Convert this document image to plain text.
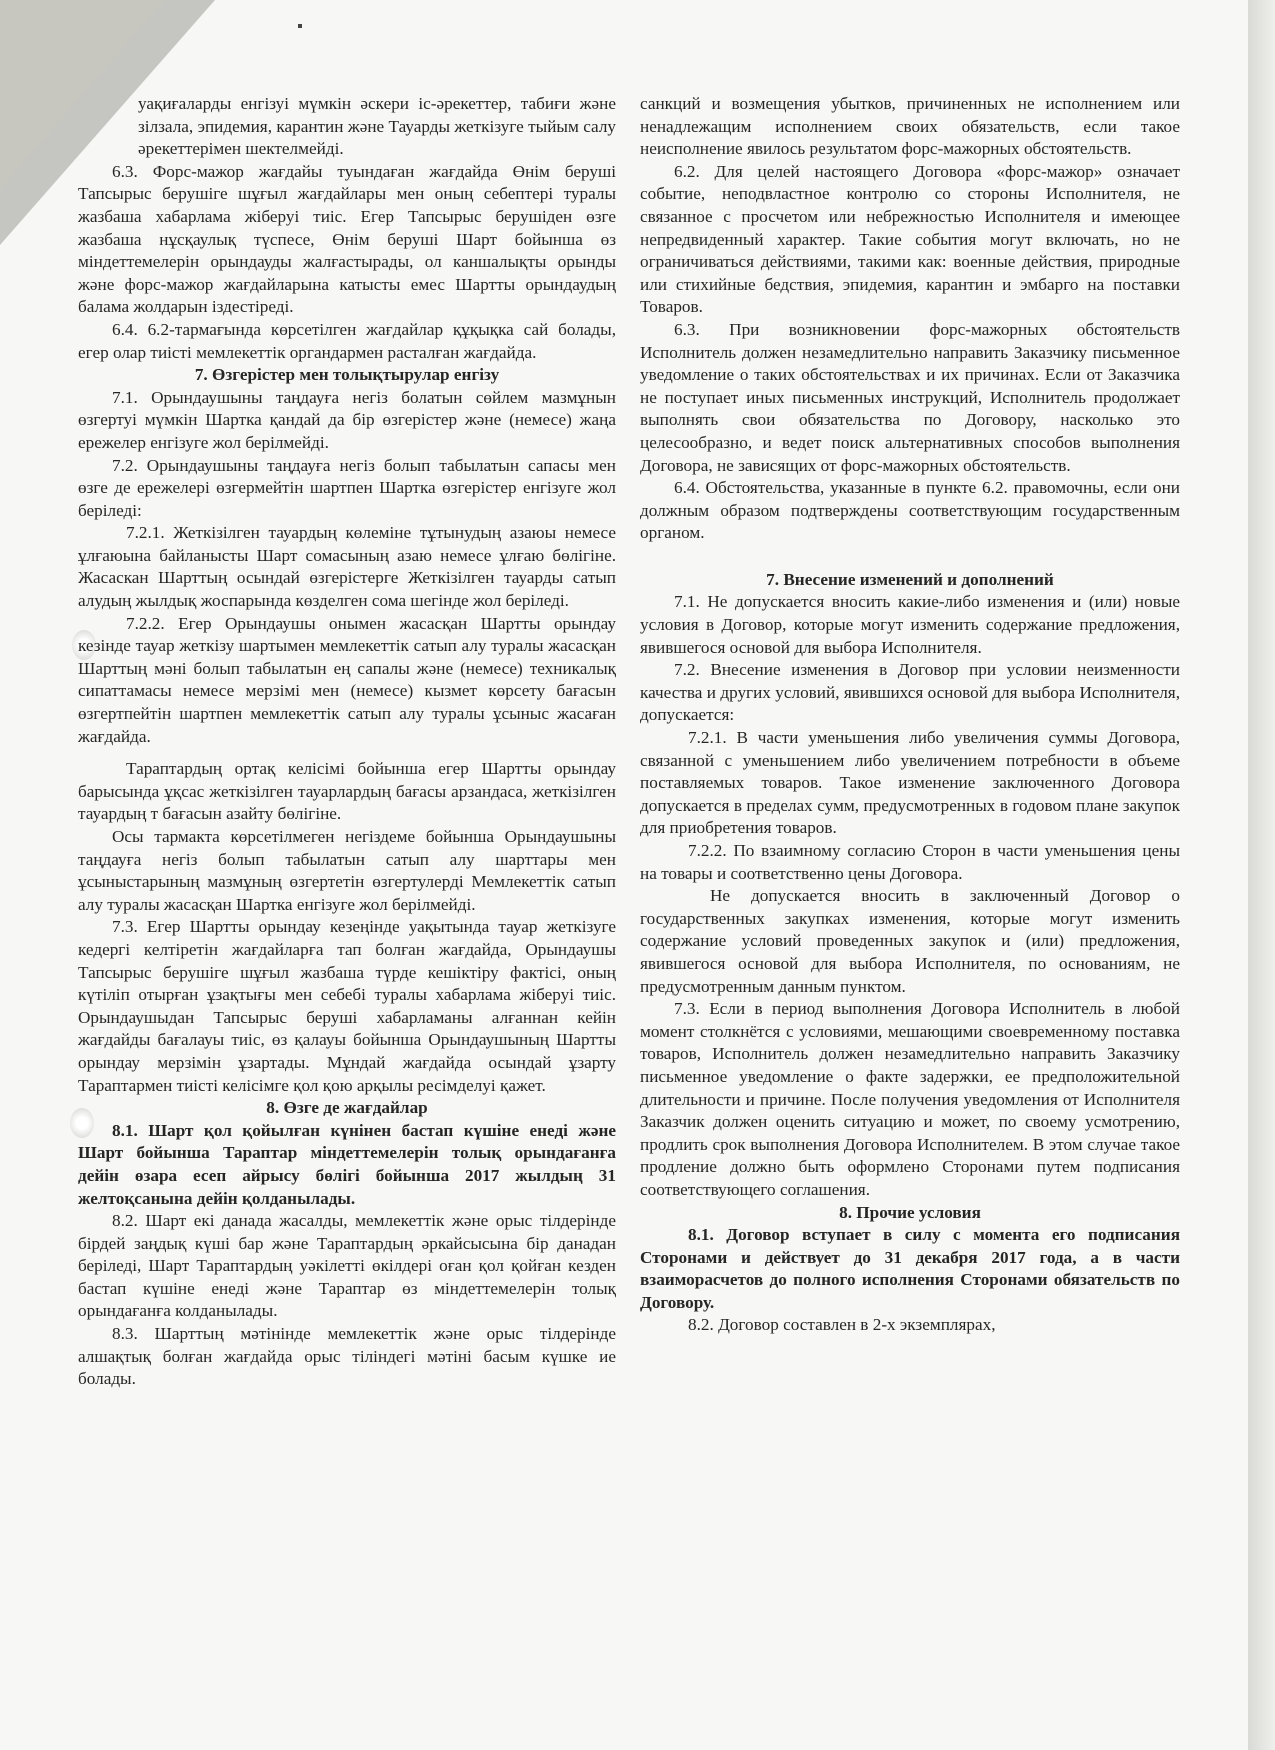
уақиғаларды енгізуі мүмкін әскери іс-әрекеттер, табиғи және зілзала, эпидемия, карантин және Тауарды жеткізуге тыйым салу әрекеттерімен шектелмейді.

6.3. Форс-мажор жағдайы туындаған жағдайда Өнім беруші Тапсырыс берушіге шұғыл жағдайлары мен оның себептері туралы жазбаша хабарлама жіберуі тиіс. Егер Тапсырыс берушіден өзге жазбаша нұсқаулық түспесе, Өнім беруші Шарт бойынша өз міндеттемелерін орындауды жалғастырады, ол каншалықты орынды және форс-мажор жағдайларына катысты емес Шартты орындаудың балама жолдарын іздестіреді.

6.4. 6.2-тармағында көрсетілген жағдайлар құқықка сай болады, егер олар тиісті мемлекеттік органдармен расталған жағдайда.

7. Өзгерістер мен толықтырулар енгізу

7.1. Орындаушыны таңдауға негіз болатын сөйлем мазмұнын өзгертуі мүмкін Шартка қандай да бір өзгерістер және (немесе) жаңа ережелер енгізуге жол берілмейді.

7.2. Орындаушыны таңдауға негіз болып табылатын сапасы мен өзге де ережелері өзгермейтін шартпен Шартка өзгерістер енгізуге жол беріледі:

7.2.1. Жеткізілген тауардың көлеміне тұтынудың азаюы немесе ұлғаюына байланысты Шарт сомасының азаю немесе ұлғаю бөлігіне. Жасаскан Шарттың осындай өзгерістерге Жеткізілген тауарды сатып алудың жылдық жоспарында көзделген сома шегінде жол беріледі.

7.2.2. Егер Орындаушы онымен жасасқан Шартты орындау кезінде тауар жеткізу шартымен мемлекеттік сатып алу туралы жасасқан Шарттың мәні болып табылатын ең сапалы және (немесе) техникалық сипаттамасы немесе мерзімі мен (немесе) кызмет көрсету бағасын өзгертпейтін шартпен мемлекеттік сатып алу туралы ұсыныс жасаған жағдайда.

Тараптардың ортақ келісімі бойынша егер Шартты орындау барысында ұқсас жеткізілген тауарлардың бағасы арзандаса, жеткізілген тауардың т бағасын азайту бөлігіне.

Осы тармакта көрсетілмеген негіздеме бойынша Орындаушыны таңдауға негіз болып табылатын сатып алу шарттары мен ұсыныстарының мазмұның өзгертетін өзгертулерді Мемлекеттік сатып алу туралы жасасқан Шартка енгізуге жол берілмейді.

7.3. Егер Шартты орындау кезеңінде уақытында тауар жеткізуге кедергі келтіретін жағдайларға тап болған жағдайда, Орындаушы Тапсырыс берушіге шұғыл жазбаша түрде кешіктіру фактісі, оның күтіліп отырған ұзақтығы мен себебі туралы хабарлама жіберуі тиіс. Орындаушыдан Тапсырыс беруші хабарламаны алғаннан кейін жағдайды бағалауы тиіс, өз қалауы бойынша Орындаушының Шартты орындау мерзімін ұзартады. Мұндай жағдайда осындай ұзарту Тараптармен тиісті келісімге қол қою арқылы ресімделуі қажет.

8. Өзге де жағдайлар

8.1. Шарт қол қойылған күнінен бастап күшіне енеді және Шарт бойынша Тараптар міндеттемелерін толық орындағанға дейін өзара есеп айрысу бөлігі бойынша 2017 жылдың 31 желтоқсанына дейін қолданылады.

8.2. Шарт екі данада жасалды, мемлекеттік және орыс тілдерінде бірдей заңдық күші бар және Тараптардың әркайсысына бір данадан беріледі, Шарт Тараптардың уәкілетті өкілдері оған қол қойған кезден бастап күшіне енеді және Тараптар өз міндеттемелерін толық орындағанға колданылады.

8.3. Шарттың мәтінінде мемлекеттік және орыс тілдерінде алшақтық болған жағдайда орыс тіліндегі мәтіні басым күшке ие болады.

санкций и возмещения убытков, причиненных не исполнением или ненадлежащим исполнением своих обязательств, если такое неисполнение явилось результатом форс-мажорных обстоятельств.

6.2. Для целей настоящего Договора «форс-мажор» означает событие, неподвластное контролю со стороны Исполнителя, не связанное с просчетом или небрежностью Исполнителя и имеющее непредвиденный характер. Такие события могут включать, но не ограничиваться действиями, такими как: военные действия, природные или стихийные бедствия, эпидемия, карантин и эмбарго на поставки Товаров.

6.3. При возникновении форс-мажорных обстоятельств Исполнитель должен незамедлительно направить Заказчику письменное уведомление о таких обстоятельствах и их причинах. Если от Заказчика не поступает иных письменных инструкций, Исполнитель продолжает выполнять свои обязательства по Договору, насколько это целесообразно, и ведет поиск альтернативных способов выполнения Договора, не зависящих от форс-мажорных обстоятельств.

6.4. Обстоятельства, указанные в пункте 6.2. правомочны, если они должным образом подтверждены соответствующим государственным органом.

7. Внесение изменений и дополнений

7.1. Не допускается вносить какие-либо изменения и (или) новые условия в Договор, которые могут изменить содержание предложения, явившегося основой для выбора Исполнителя.

7.2. Внесение изменения в Договор при условии неизменности качества и других условий, явившихся основой для выбора Исполнителя, допускается:

7.2.1. В части уменьшения либо увеличения суммы Договора, связанной с уменьшением либо увеличением потребности в объеме поставляемых товаров. Такое изменение заключенного Договора допускается в пределах сумм, предусмотренных в годовом плане закупок для приобретения товаров.

7.2.2. По взаимному согласию Сторон в части уменьшения цены на товары и соответственно цены Договора.

Не допускается вносить в заключенный Договор о государственных закупках изменения, которые могут изменить содержание условий проведенных закупок и (или) предложения, явившегося основой для выбора Исполнителя, по основаниям, не предусмотренным данным пунктом.

7.3. Если в период выполнения Договора Исполнитель в любой момент столкнётся с условиями, мешающими своевременному поставка товаров, Исполнитель должен незамедлительно направить Заказчику письменное уведомление о факте задержки, ее предположительной длительности и причине. После получения уведомления от Исполнителя Заказчик должен оценить ситуацию и может, по своему усмотрению, продлить срок выполнения Договора Исполнителем. В этом случае такое продление должно быть оформлено Сторонами путем подписания соответствующего соглашения.

8. Прочие условия

8.1. Договор вступает в силу с момента его подписания Сторонами и действует до 31 декабря 2017 года, а в части взаиморасчетов до полного исполнения Сторонами обязательств по Договору.

8.2. Договор составлен в 2-х экземплярах,
